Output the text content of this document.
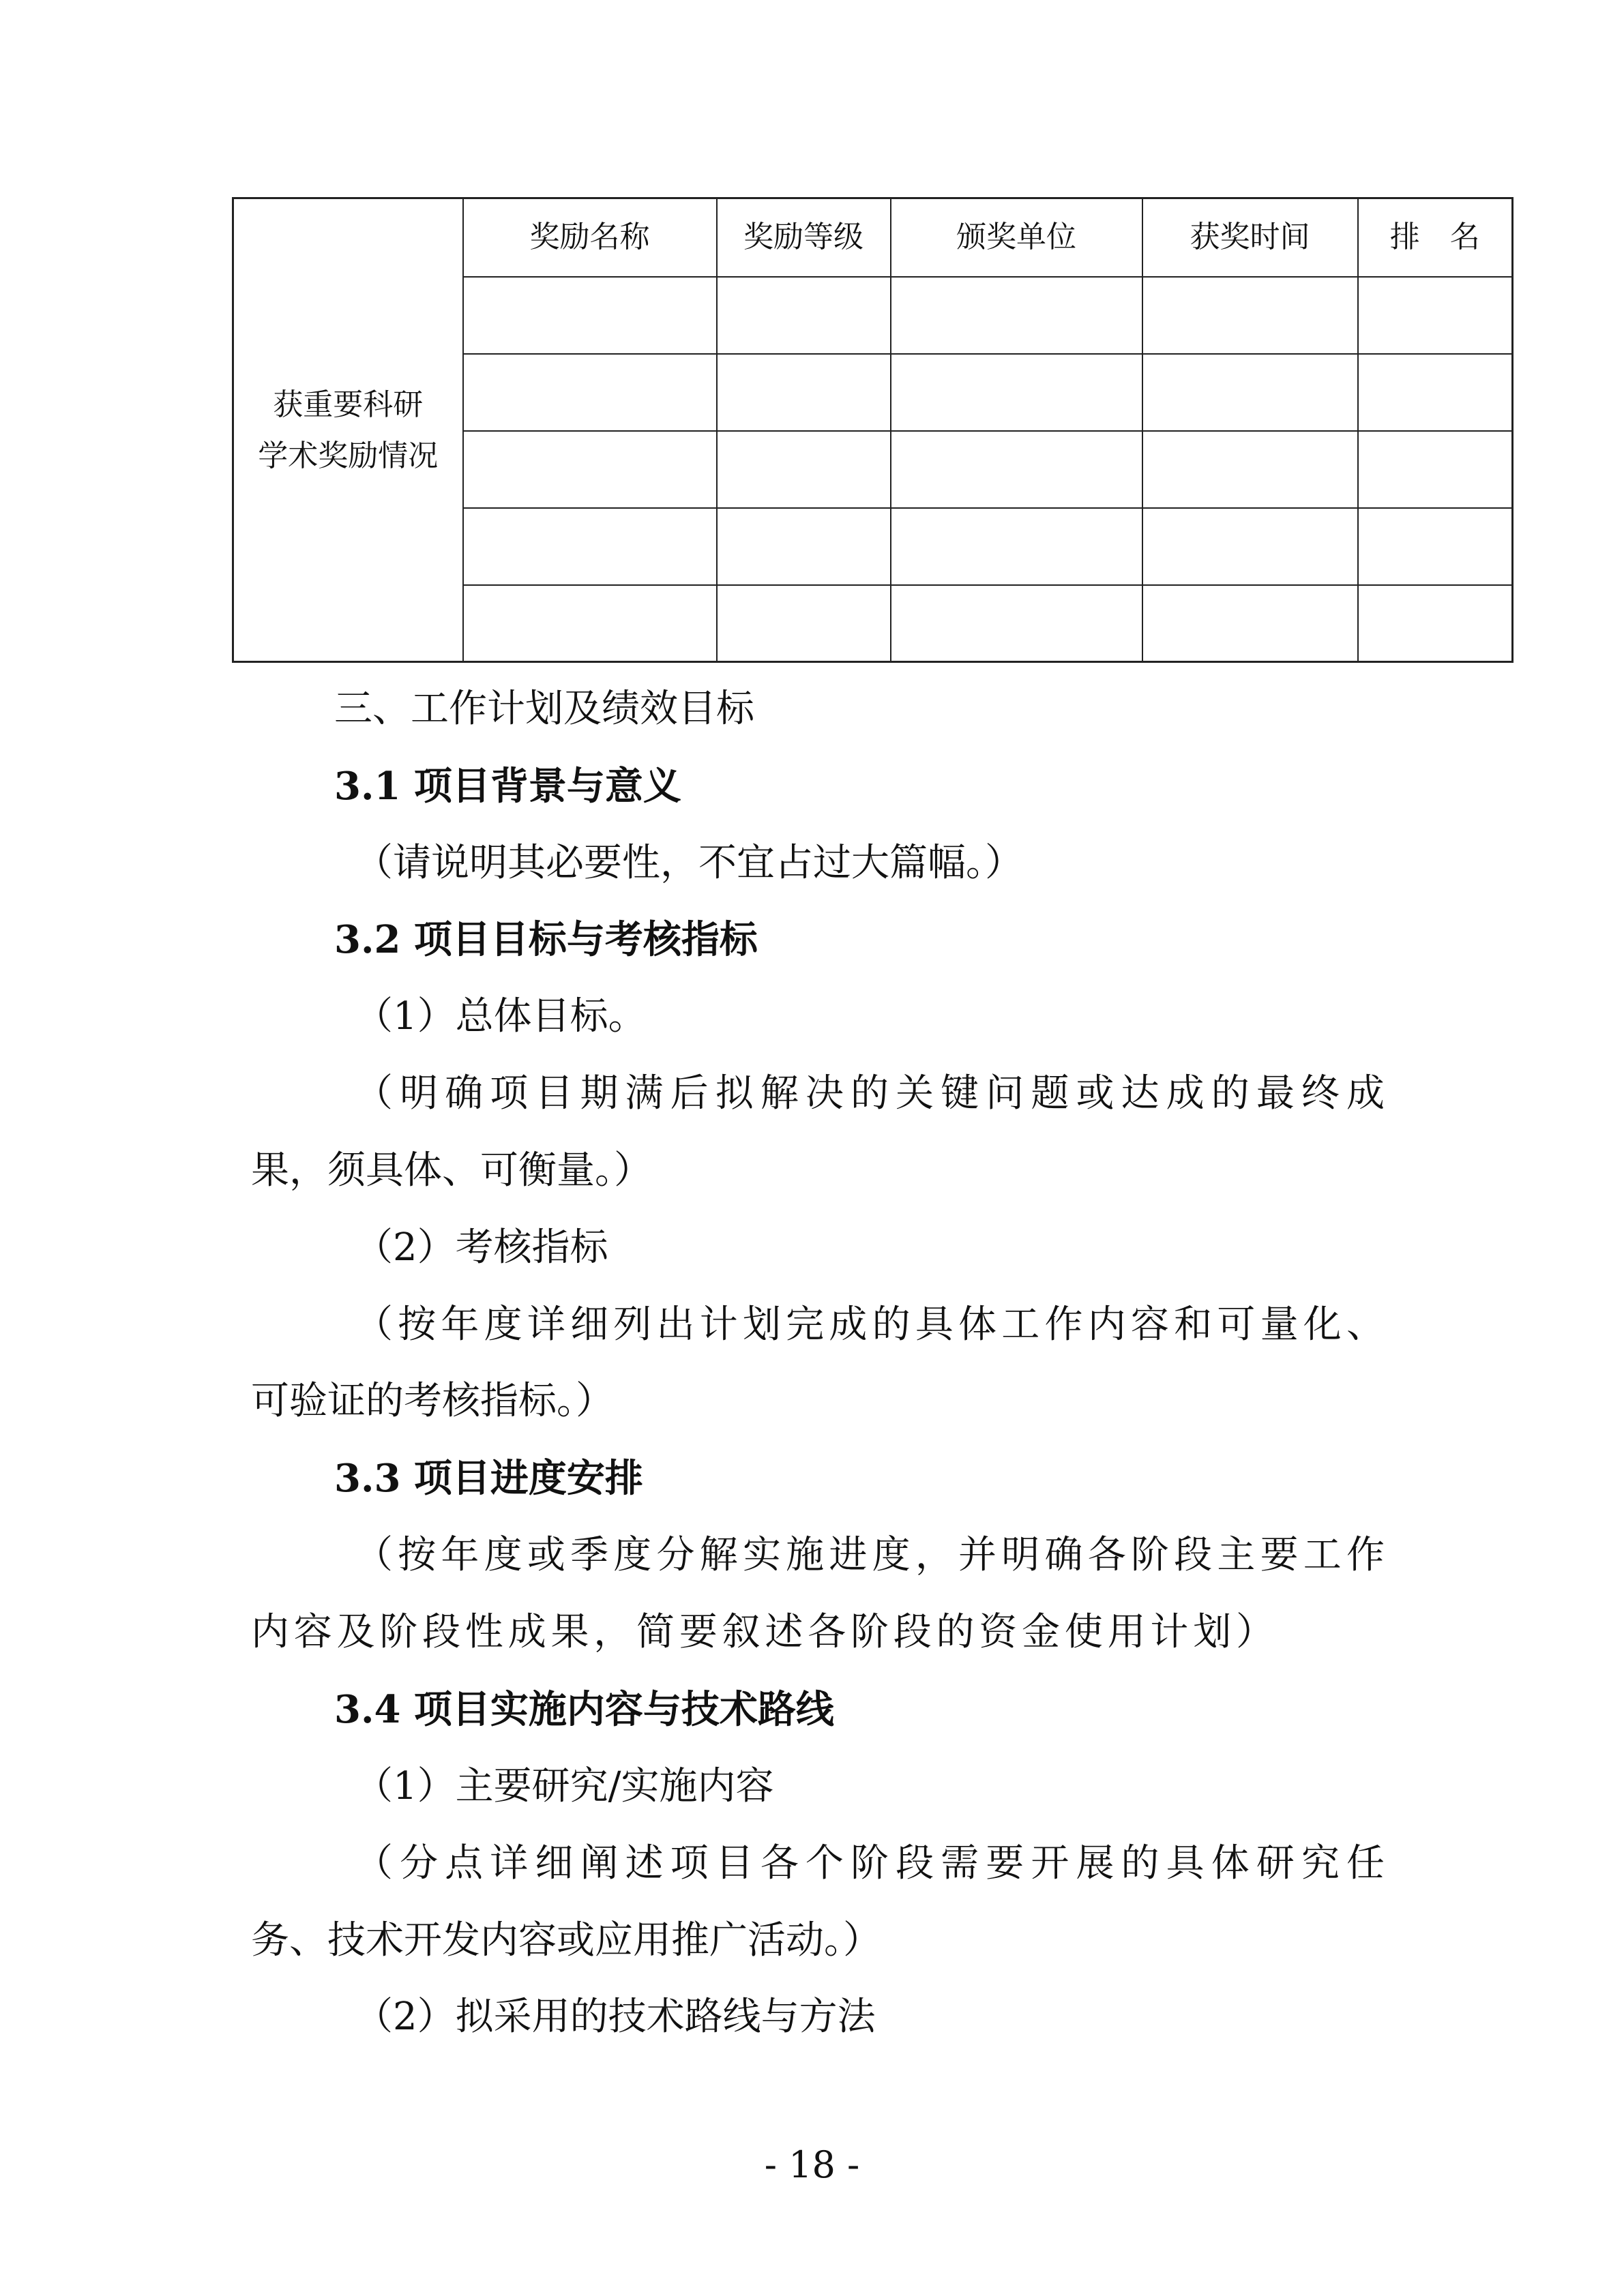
获重要科研
学术奖励情况	奖励名称	奖励等级	颁奖单位	获奖时间	排　名

三、工作计划及绩效目标
3.1 项目背景与意义
（请说明其必要性，不宜占过大篇幅。）
3.2 项目目标与考核指标
（1）总体目标。
（明确项目期满后拟解决的关键问题或达成的最终成
果，须具体、可衡量。）
（2）考核指标
（按年度详细列出计划完成的具体工作内容和可量化、
可验证的考核指标。）
3.3 项目进度安排
（按年度或季度分解实施进度，并明确各阶段主要工作
内容及阶段性成果，简要叙述各阶段的资金使用计划）
3.4 项目实施内容与技术路线
（1）主要研究/实施内容
（分点详细阐述项目各个阶段需要开展的具体研究任
务、技术开发内容或应用推广活动。）
（2）拟采用的技术路线与方法
- 18 -
